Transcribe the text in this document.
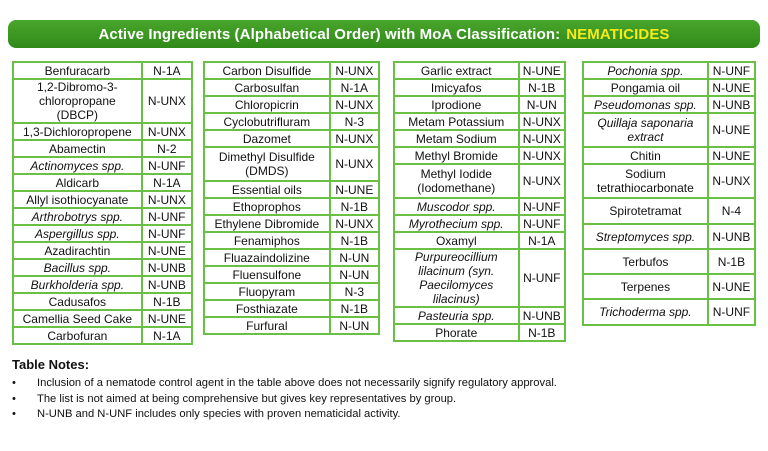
Active Ingredients (Alphabetical Order) with MoA Classification: NEMATICIDES
Benfuracarb	N-1A
1,2-Dibromo-3-chloropropane (DBCP)	N-UNX
1,3-Dichloropropene	N-UNX
Abamectin	N-2
Actinomyces spp.	N-UNF
Aldicarb	N-1A
Allyl isothiocyanate	N-UNX
Arthrobotrys spp.	N-UNF
Aspergillus spp.	N-UNF
Azadirachtin	N-UNE
Bacillus spp.	N-UNB
Burkholderia spp.	N-UNB
Cadusafos	N-1B
Camellia Seed Cake	N-UNE
Carbofuran	N-1A
Carbon Disulfide	N-UNX
Carbosulfan	N-1A
Chloropicrin	N-UNX
Cyclobutrifluram	N-3
Dazomet	N-UNX
Dimethyl Disulfide (DMDS)	N-UNX
Essential oils	N-UNE
Ethoprophos	N-1B
Ethylene Dibromide	N-UNX
Fenamiphos	N-1B
Fluazaindolizine	N-UN
Fluensulfone	N-UN
Fluopyram	N-3
Fosthiazate	N-1B
Furfural	N-UN
Garlic extract	N-UNE
Imicyafos	N-1B
Iprodione	N-UN
Metam Potassium	N-UNX
Metam Sodium	N-UNX
Methyl Bromide	N-UNX
Methyl Iodide (Iodomethane)	N-UNX
Muscodor spp.	N-UNF
Myrothecium spp.	N-UNF
Oxamyl	N-1A
Purpureocillium lilacinum (syn. Paecilomyces lilacinus)	N-UNF
Pasteuria spp.	N-UNB
Phorate	N-1B
Pochonia spp.	N-UNF
Pongamia oil	N-UNE
Pseudomonas spp.	N-UNB
Quillaja saponaria extract	N-UNE
Chitin	N-UNE
Sodium tetrathiocarbonate	N-UNX
Spirotetramat	N-4
Streptomyces spp.	N-UNB
Terbufos	N-1B
Terpenes	N-UNE
Trichoderma spp.	N-UNF
Table Notes:
• Inclusion of a nematode control agent in the table above does not necessarily signify regulatory approval.
• The list is not aimed at being comprehensive but gives key representatives by group.
• N-UNB and N-UNF includes only species with proven nematicidal activity.
